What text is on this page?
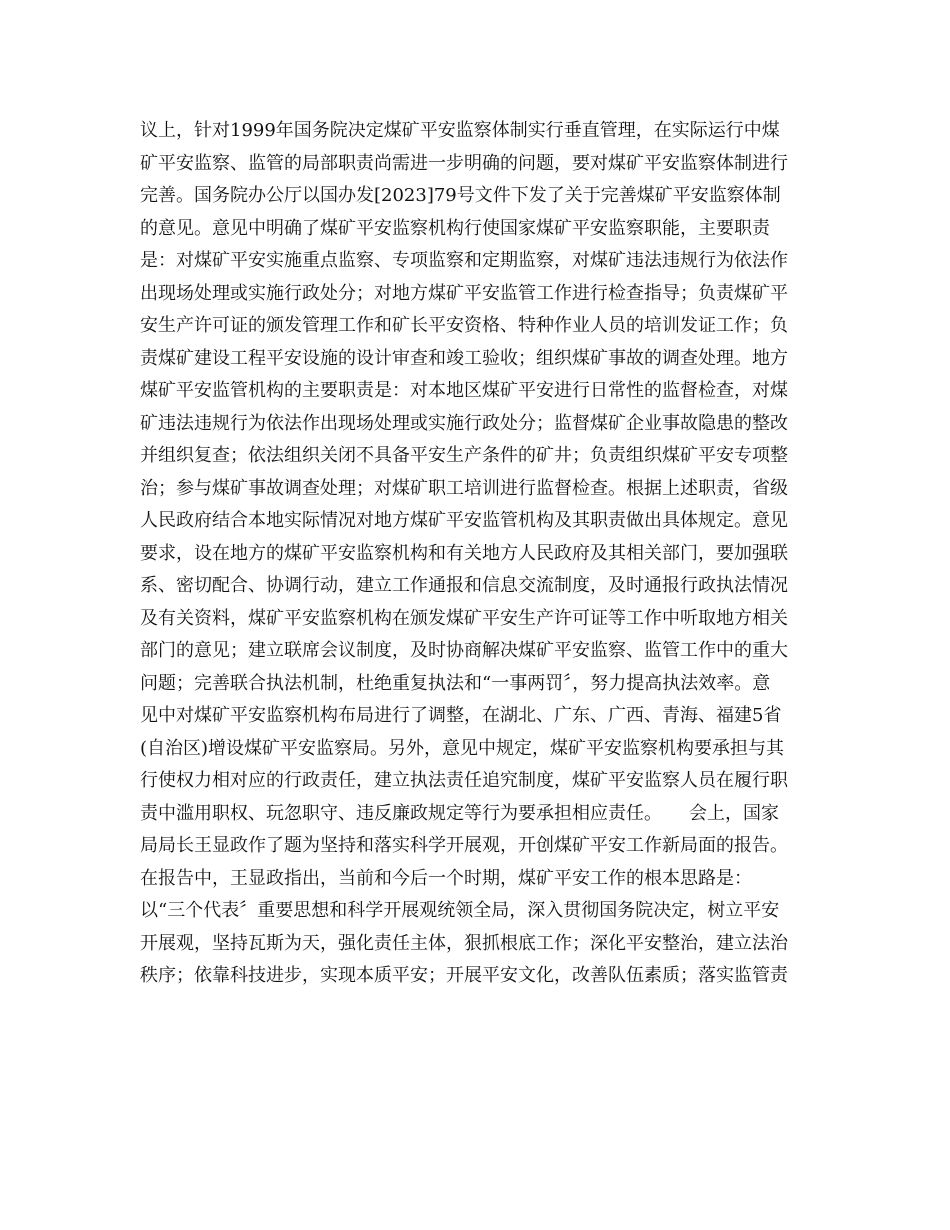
议上，针对1999年国务院决定煤矿平安监察体制实行垂直管理，在实际运行中煤
矿平安监察、监管的局部职责尚需进一步明确的问题，要对煤矿平安监察体制进行
完善。国务院办公厅以国办发[2023]79号文件下发了关于完善煤矿平安监察体制
的意见。意见中明确了煤矿平安监察机构行使国家煤矿平安监察职能，主要职责
是：对煤矿平安实施重点监察、专项监察和定期监察，对煤矿违法违规行为依法作
出现场处理或实施行政处分；对地方煤矿平安监管工作进行检查指导；负责煤矿平
安生产许可证的颁发管理工作和矿长平安资格、特种作业人员的培训发证工作；负
责煤矿建设工程平安设施的设计审查和竣工验收；组织煤矿事故的调查处理。地方
煤矿平安监管机构的主要职责是：对本地区煤矿平安进行日常性的监督检查，对煤
矿违法违规行为依法作出现场处理或实施行政处分；监督煤矿企业事故隐患的整改
并组织复查；依法组织关闭不具备平安生产条件的矿井；负责组织煤矿平安专项整
治；参与煤矿事故调查处理；对煤矿职工培训进行监督检查。根据上述职责，省级
人民政府结合本地实际情况对地方煤矿平安监管机构及其职责做出具体规定。意见
要求，设在地方的煤矿平安监察机构和有关地方人民政府及其相关部门，要加强联
系、密切配合、协调行动，建立工作通报和信息交流制度，及时通报行政执法情况
及有关资料，煤矿平安监察机构在颁发煤矿平安生产许可证等工作中听取地方相关
部门的意见；建立联席会议制度，及时协商解决煤矿平安监察、监管工作中的重大
问题；完善联合执法机制，杜绝重复执法和“一事两罚〞，努力提高执法效率。意
见中对煤矿平安监察机构布局进行了调整，在湖北、广东、广西、青海、福建5省
(自治区)增设煤矿平安监察局。另外，意见中规定，煤矿平安监察机构要承担与其
行使权力相对应的行政责任，建立执法责任追究制度，煤矿平安监察人员在履行职
责中滥用职权、玩忽职守、违反廉政规定等行为要承担相应责任。　　会上，国家
局局长王显政作了题为坚持和落实科学开展观，开创煤矿平安工作新局面的报告。
在报告中，王显政指出，当前和今后一个时期，煤矿平安工作的根本思路是：
以“三个代表〞重要思想和科学开展观统领全局，深入贯彻国务院决定，树立平安
开展观，坚持瓦斯为天，强化责任主体，狠抓根底工作；深化平安整治，建立法治
秩序；依靠科技进步，实现本质平安；开展平安文化，改善队伍素质；落实监管责
